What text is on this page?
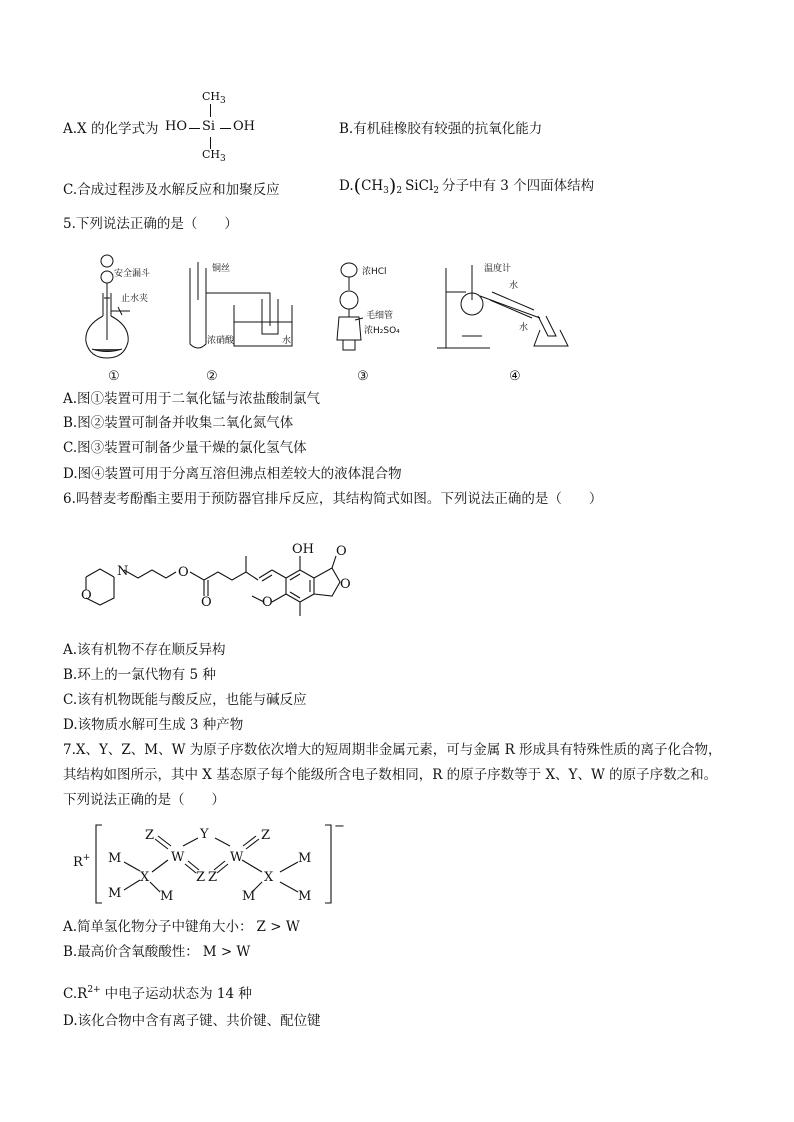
A.X 的化学式为
$CH_3$
HO Si OH
$CH_3$
B.有机硅橡胶有较强的抗氧化能力
C.合成过程涉及水解反应和加聚反应	$D.(CH_3)_2$ SiCl$_2$ 分子中有 3 个四面体结构
5.下列说法正确的是（　　）
安全漏斗
止水夹
铜丝
浓硝酸	水
浓HCl
毛细管
浓H₂SO₄
温度计
水
水
①	②	③	④
A.图①装置可用于二氧化锰与浓盐酸制氯气
B.图②装置可制备并收集二氧化氮气体
C.图③装置可制备少量干燥的氯化氢气体
D.图④装置可用于分离互溶但沸点相差较大的液体混合物
6.吗替麦考酚酯主要用于预防器官排斥反应，其结构简式如图。下列说法正确的是（　　）
N
O
O
O
OH O
O
O
A.该有机物不存在顺反异构
B.环上的一氯代物有 5 种
C.该有机物既能与酸反应，也能与碱反应
D.该物质水解可生成 3 种产物
7.X、Y、Z、M、W 为原子序数依次增大的短周期非金属元素，可与金属 R 形成具有特殊性质的离子化合物，
其结构如图所示，其中 X 基态原子每个能级所含电子数相同，R 的原子序数等于 X、Y、W 的原子序数之和。
下列说法正确的是（　　）
R+
−
Z	Y	Z
W	W
M
M
X
M
Z Z	X
M
M
M
A.简单氢化物分子中键角大小： Z > W
B.最高价含氧酸酸性： M > W
$C.R^{2+}$ 中电子运动状态为 14 种
D.该化合物中含有离子键、共价键、配位键
